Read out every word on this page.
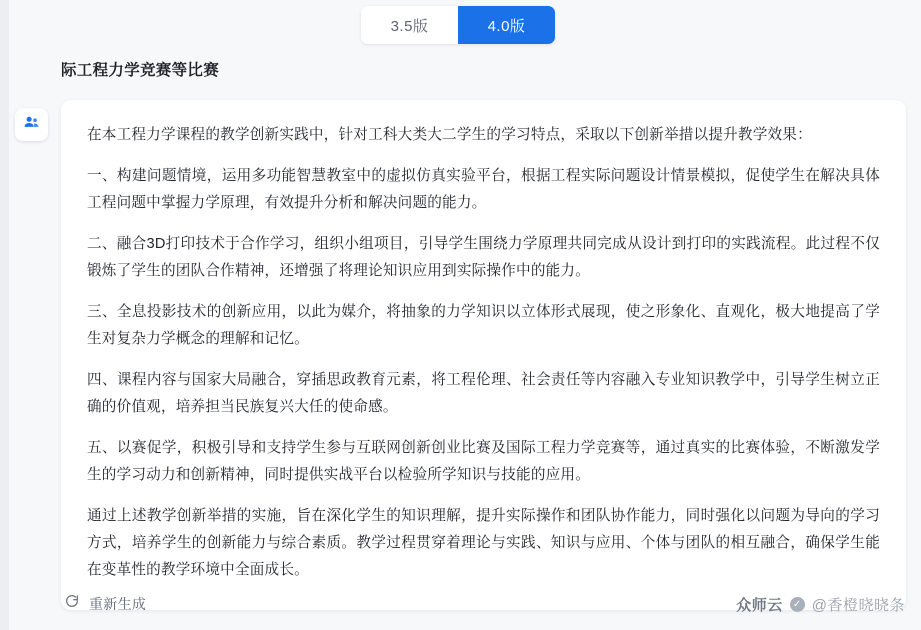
3.5版	4.0版
际工程力学竞赛等比赛

在本工程力学课程的教学创新实践中，针对工科大类大二学生的学习特点，采取以下创新举措以提升教学效果：

一、构建问题情境，运用多功能智慧教室中的虚拟仿真实验平台，根据工程实际问题设计情景模拟，促使学生在解决具体工程问题中掌握力学原理，有效提升分析和解决问题的能力。

二、融合3D打印技术于合作学习，组织小组项目，引导学生围绕力学原理共同完成从设计到打印的实践流程。此过程不仅锻炼了学生的团队合作精神，还增强了将理论知识应用到实际操作中的能力。

三、全息投影技术的创新应用，以此为媒介，将抽象的力学知识以立体形式展现，使之形象化、直观化，极大地提高了学生对复杂力学概念的理解和记忆。

四、课程内容与国家大局融合，穿插思政教育元素，将工程伦理、社会责任等内容融入专业知识教学中，引导学生树立正确的价值观，培养担当民族复兴大任的使命感。

五、以赛促学，积极引导和支持学生参与互联网创新创业比赛及国际工程力学竞赛等，通过真实的比赛体验，不断激发学生的学习动力和创新精神，同时提供实战平台以检验所学知识与技能的应用。

通过上述教学创新举措的实施，旨在深化学生的知识理解，提升实际操作和团队协作能力，同时强化以问题为导向的学习方式，培养学生的创新能力与综合素质。教学过程贯穿着理论与实践、知识与应用、个体与团队的相互融合，确保学生能在变革性的教学环境中全面成长。

重新生成	众师云	✓ @香橙晓晓条
